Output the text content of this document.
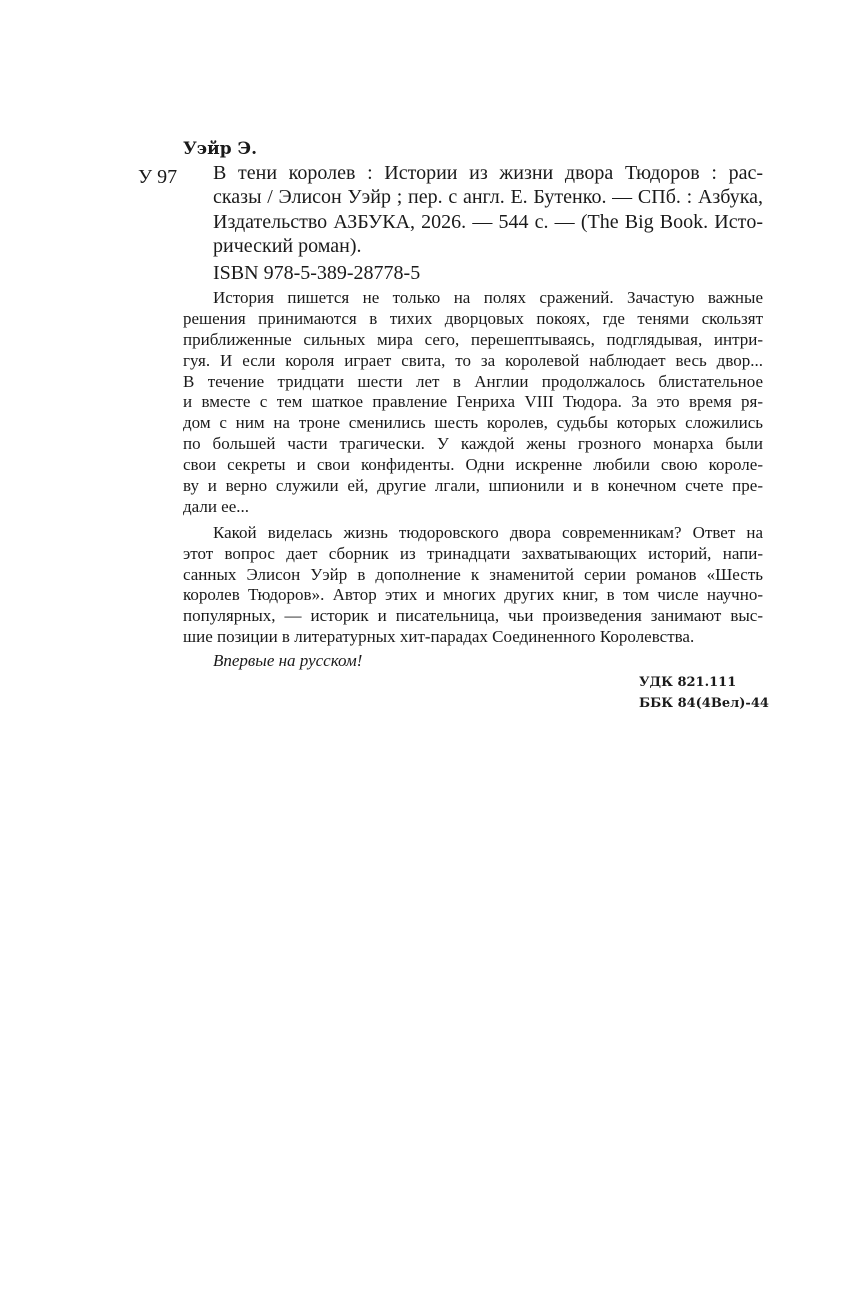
Уэйр Э.
У 97 В тени королев : Истории из жизни двора Тюдоров : рас-
сказы / Элисон Уэйр ; пер. с англ. Е. Бутенко. — СПб. : Азбука,
Издательство АЗБУКА, 2026. — 544 с. — (The Big Book. Истo-
рический роман).
ISBN 978-5-389-28778-5
История пишется не только на полях сражений. Зачастую важные
решения принимаются в тихих дворцовых покоях, где тенями скользят
приближенные сильных мира сего, перешептываясь, подглядывая, интри-
гуя. И если короля играет свита, то за королевой наблюдает весь двор...
В течение тридцати шести лет в Англии продолжалось блистательное
и вместе с тем шаткое правление Генриха VIII Тюдора. За это время ря-
дом с ним на троне сменились шесть королев, судьбы которых сложились
по большей части трагически. У каждой жены грозного монарха были
свои секреты и свои конфиденты. Одни искренне любили свою короле-
ву и верно служили ей, другие лгали, шпионили и в конечном счете пре-
дали ее...
Какой виделась жизнь тюдоровского двора современникам? Ответ на
этот вопрос дает сборник из тринадцати захватывающих историй, напи-
санных Элисон Уэйр в дополнение к знаменитой серии романов «Шесть
королев Тюдоров». Автор этих и многих других книг, в том числе научно-
популярных, — историк и писательница, чьи произведения занимают выс-
шие позиции в литературных хит-парадах Соединенного Королевства.
Впервые на русском!
УДК 821.111
ББК 84(4Вел)-44
